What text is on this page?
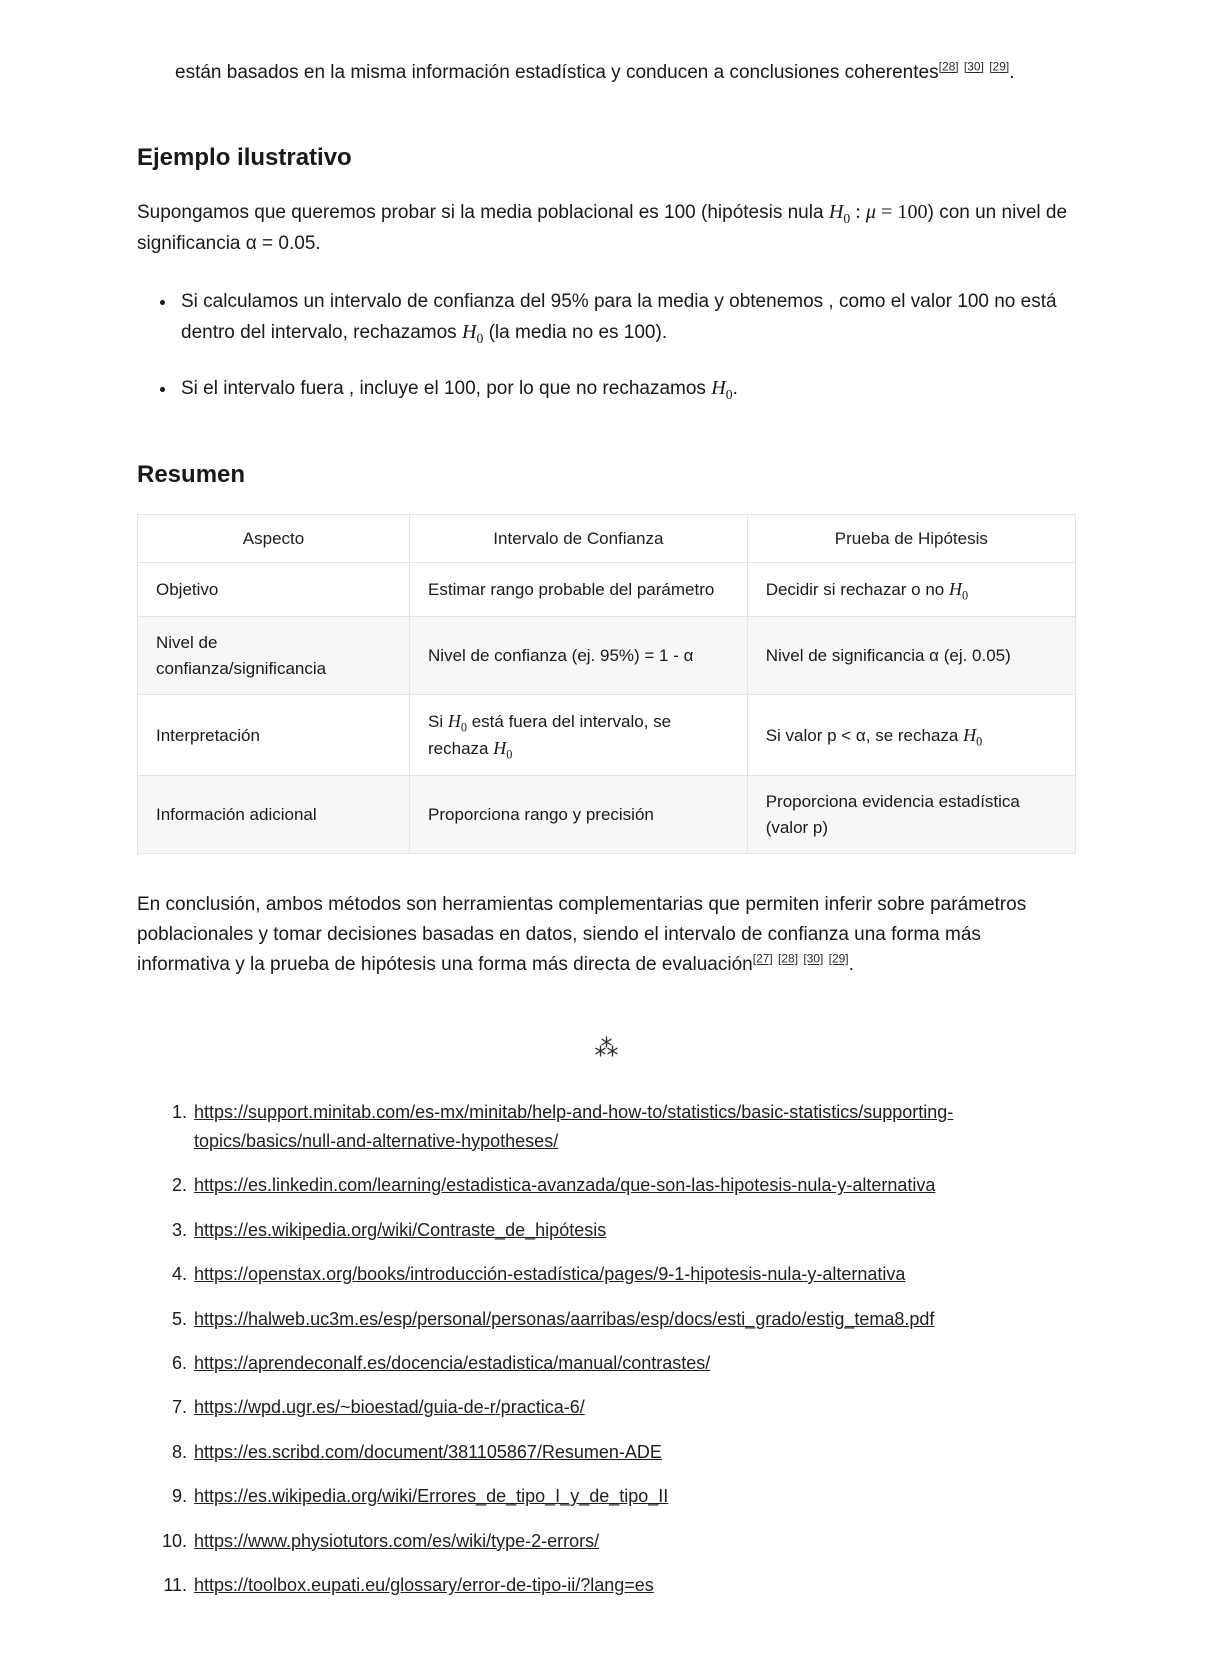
están basados en la misma información estadística y conducen a conclusiones coherentes[28] [30] [29].

Ejemplo ilustrativo

Supongamos que queremos probar si la media poblacional es 100 (hipótesis nula $H_0$ : μ = 100) con un nivel de significancia α = 0.05.

• Si calculamos un intervalo de confianza del 95% para la media y obtenemos , como el valor 100 no está dentro del intervalo, rechazamos $H_0$ (la media no es 100).
• Si el intervalo fuera , incluye el 100, por lo que no rechazamos $H_0$.
Resumen
Aspecto	Intervalo de Confianza	Prueba de Hipótesis
Objetivo	Estimar rango probable del parámetro	Decidir si rechazar o no $H_0$
Nivel de confianza/significancia	Nivel de confianza (ej. 95%) = 1 - α	Nivel de significancia α (ej. 0.05)
Interpretación	Si $H_0$ está fuera del intervalo, se rechaza $H_0$	Si valor p < α, se rechaza $H_0$
Información adicional	Proporciona rango y precisión	Proporciona evidencia estadística (valor p)

En conclusión, ambos métodos son herramientas complementarias que permiten inferir sobre parámetros poblacionales y tomar decisiones basadas en datos, siendo el intervalo de confianza una forma más informativa y la prueba de hipótesis una forma más directa de evaluación[27] [28] [30] [29].

⁂
1. https://support.minitab.com/es-mx/minitab/help-and-how-to/statistics/basic-statistics/supporting-topics/basics/null-and-alternative-hypotheses/
2. https://es.linkedin.com/learning/estadistica-avanzada/que-son-las-hipotesis-nula-y-alternativa
3. https://es.wikipedia.org/wiki/Contraste_de_hipótesis
4. https://openstax.org/books/introducción-estadística/pages/9-1-hipotesis-nula-y-alternativa
5. https://halweb.uc3m.es/esp/personal/personas/aarribas/esp/docs/esti_grado/estig_tema8.pdf
6. https://aprendeconalf.es/docencia/estadistica/manual/contrastes/
7. https://wpd.ugr.es/~bioestad/guia-de-r/practica-6/
8. https://es.scribd.com/document/381105867/Resumen-ADE
9. https://es.wikipedia.org/wiki/Errores_de_tipo_I_y_de_tipo_II
10. https://www.physiotutors.com/es/wiki/type-2-errors/
11. https://toolbox.eupati.eu/glossary/error-de-tipo-ii/?lang=es
